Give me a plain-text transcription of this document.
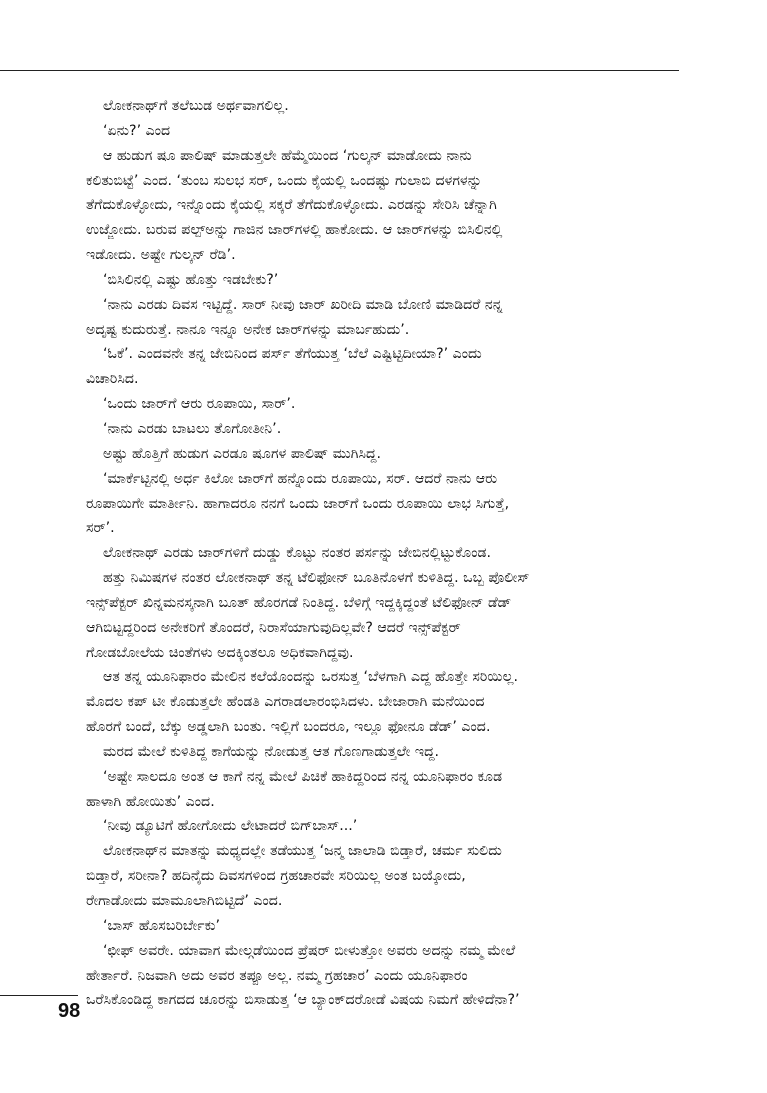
ಲೋಕನಾಥ್‌ಗೆ ತಲೆಬುಡ ಅರ್ಥವಾಗಲಿಲ್ಲ.
‘ಏನು?’ ಎಂದ
ಆ ಹುಡುಗ ಷೂ ಪಾಲಿಷ್ ಮಾಡುತ್ತಲೇ ಹೆಮ್ಮೆಯಿಂದ ‘ಗುಲ್ಕನ್ ಮಾಡೋದು ನಾನು
ಕಲಿತುಬಿಟ್ಟೆ’ ಎಂದ. ‘ತುಂಬ ಸುಲಭ ಸರ್, ಒಂದು ಕೈಯಲ್ಲಿ ಒಂದಷ್ಟು ಗುಲಾಬಿ ದಳಗಳನ್ನು
ತೆಗೆದುಕೊಳ್ಳೋದು, ಇನ್ನೊಂದು ಕೈಯಲ್ಲಿ ಸಕ್ಕರೆ ತೆಗೆದುಕೊಳ್ಳೋದು. ಎರಡನ್ನು ಸೇರಿಸಿ ಚೆನ್ನಾಗಿ
ಉಜ್ಜೋದು. ಬರುವ ಪಲ್ಪ್‌ಅನ್ನು ಗಾಜಿನ ಜಾರ್‌ಗಳಲ್ಲಿ ಹಾಕೋದು. ಆ ಜಾರ್‌ಗಳನ್ನು ಬಿಸಿಲಿನಲ್ಲಿ
ಇಡೋದು. ಅಷ್ಟೇ ಗುಲ್ಕನ್ ರೆಡಿ’.
‘ಬಿಸಿಲಿನಲ್ಲಿ ಎಷ್ಟು ಹೊತ್ತು ಇಡಬೇಕು?’
‘ನಾನು ಎರಡು ದಿವಸ ಇಟ್ಟಿದ್ದೆ. ಸಾರ್ ನೀವು ಜಾರ್ ಖರೀದಿ ಮಾಡಿ ಬೋಣಿ ಮಾಡಿದರೆ ನನ್ನ
ಅದೃಷ್ಟ ಕುದುರುತ್ತೆ. ನಾನೂ ಇನ್ನೂ ಅನೇಕ ಜಾರ್‌ಗಳನ್ನು ಮಾರ್ಬಹುದು’.
‘ಓಕೆ’. ಎಂದವನೇ ತನ್ನ ಜೇಬಿನಿಂದ ಪರ್ಸ್ ತೆಗೆಯುತ್ತ ‘ಬೆಲೆ ಎಷ್ಟಿಟ್ಟಿದೀಯಾ?’ ಎಂದು
ವಿಚಾರಿಸಿದ.
‘ಒಂದು ಜಾರ್‌ಗೆ ಆರು ರೂಪಾಯಿ, ಸಾರ್’.
‘ನಾನು ಎರಡು ಬಾಟಲು ತೊಗೋತೀನಿ’.
ಅಷ್ಟು ಹೊತ್ತಿಗೆ ಹುಡುಗ ಎರಡೂ ಷೂಗಳ ಪಾಲಿಷ್ ಮುಗಿಸಿದ್ದ.
‘ಮಾರ್ಕೆಟ್ಟಿನಲ್ಲಿ ಅರ್ಧ ಕಿಲೋ ಜಾರ್‌ಗೆ ಹನ್ನೊಂದು ರೂಪಾಯಿ, ಸರ್. ಆದರೆ ನಾನು ಆರು
ರೂಪಾಯಿಗೇ ಮಾರ್ತೀನಿ. ಹಾಗಾದರೂ ನನಗೆ ಒಂದು ಜಾರ್‌ಗೆ ಒಂದು ರೂಪಾಯಿ ಲಾಭ ಸಿಗುತ್ತೆ,
ಸರ್’.
ಲೋಕನಾಥ್ ಎರಡು ಜಾರ್‌ಗಳಿಗೆ ದುಡ್ಡು ಕೊಟ್ಟು ನಂತರ ಪರ್ಸನ್ನು ಜೇಬಿನಲ್ಲಿಟ್ಟುಕೊಂಡ.
ಹತ್ತು ನಿಮಿಷಗಳ ನಂತರ ಲೋಕನಾಥ್ ತನ್ನ ಟೆಲಿಫೋನ್ ಬೂತಿನೊಳಗೆ ಕುಳಿತಿದ್ದ. ಒಬ್ಬ ಪೊಲೀಸ್
ಇನ್ಸ್‌ಪೆಕ್ಟರ್ ಖಿನ್ನಮನಸ್ಕನಾಗಿ ಬೂತ್ ಹೊರಗಡೆ ನಿಂತಿದ್ದ. ಬೆಳಿಗ್ಗೆ ಇದ್ದಕ್ಕಿದ್ದಂತೆ ಟೆಲಿಫೋನ್ ಡೆಡ್
ಆಗಿಬಿಟ್ಟದ್ದರಿಂದ ಅನೇಕರಿಗೆ ತೊಂದರೆ, ನಿರಾಸೆಯಾಗುವುದಿಲ್ಲವೇ? ಆದರೆ ಇನ್ಸ್‌ಪೆಕ್ಟರ್
ಗೋಡಬೋಲೆಯ ಚಿಂತೆಗಳು ಅದಕ್ಕಿಂತಲೂ ಅಧಿಕವಾಗಿದ್ದವು.
ಆತ ತನ್ನ ಯೂನಿಫಾರಂ ಮೇಲಿನ ಕಲೆಯೊಂದನ್ನು ಒರಸುತ್ತ ‘ಬೆಳಗಾಗಿ ಎದ್ದ ಹೊತ್ತೇ ಸರಿಯಿಲ್ಲ.
ಮೊದಲ ಕಪ್ ಟೀ ಕೊಡುತ್ತಲೇ ಹೆಂಡತಿ ಎಗರಾಡಲಾರಂಭಿಸಿದಳು. ಬೇಜಾರಾಗಿ ಮನೆಯಿಂದ
ಹೊರಗೆ ಬಂದೆ, ಬೆಕ್ಕು ಅಡ್ಡಲಾಗಿ ಬಂತು. ಇಲ್ಲಿಗೆ ಬಂದರೂ, ಇಲ್ಲೂ ಫೋನೂ ಡೆಡ್’ ಎಂದ.
ಮರದ ಮೇಲೆ ಕುಳಿತಿದ್ದ ಕಾಗೆಯನ್ನು ನೋಡುತ್ತ ಆತ ಗೊಣಗಾಡುತ್ತಲೇ ಇದ್ದ.
‘ಅಷ್ಟೇ ಸಾಲದೂ ಅಂತ ಆ ಕಾಗೆ ನನ್ನ ಮೇಲೆ ಪಿಚಿಕೆ ಹಾಕಿದ್ದರಿಂದ ನನ್ನ ಯೂನಿಫಾರಂ ಕೂಡ
ಹಾಳಾಗಿ ಹೋಯಿತು’ ಎಂದ.
‘ನೀವು ಡ್ಯೂಟಿಗೆ ಹೋಗೋದು ಲೇಟಾದರೆ ಬಿಗ್‌ಬಾಸ್...’
ಲೋಕನಾಥ್‌ನ ಮಾತನ್ನು ಮಧ್ಯದಲ್ಲೇ ತಡೆಯುತ್ತ ‘ಜನ್ಮ ಜಾಲಾಡಿ ಬಿಡ್ತಾರೆ, ಚರ್ಮ ಸುಲಿದು
ಬಿಡ್ತಾರೆ, ಸರೀನಾ? ಹದಿನೈದು ದಿವಸಗಳಿಂದ ಗ್ರಹಚಾರವೇ ಸರಿಯಿಲ್ಲ ಅಂತ ಬಯ್ಕೋದು,
ರೇಗಾಡೋದು ಮಾಮೂಲಾಗಿಬಿಟ್ಟಿದೆ’ ಎಂದ.
‘ಬಾಸ್ ಹೊಸಬರಿರ್ಬೇಕು’
‘ಛೀಫ್ ಅವರೇ. ಯಾವಾಗ ಮೇಲ್ಗಡೆಯಿಂದ ಪ್ರೆಷರ್ ಬೀಳುತ್ತೋ ಅವರು ಅದನ್ನು ನಮ್ಮ ಮೇಲೆ
ಹೇರ್ತಾರೆ. ನಿಜವಾಗಿ ಅದು ಅವರ ತಪ್ಪೂ ಅಲ್ಲ. ನಮ್ಮ ಗ್ರಹಚಾರ’ ಎಂದು ಯೂನಿಫಾರಂ
ಒರೆಸಿಕೊಂಡಿದ್ದ ಕಾಗದದ ಚೂರನ್ನು ಬಿಸಾಡುತ್ತ ‘ಆ ಬ್ಯಾಂಕ್‌ದರೋಡೆ ವಿಷಯ ನಿಮಗೆ ಹೇಳಿದೆನಾ?’
98
